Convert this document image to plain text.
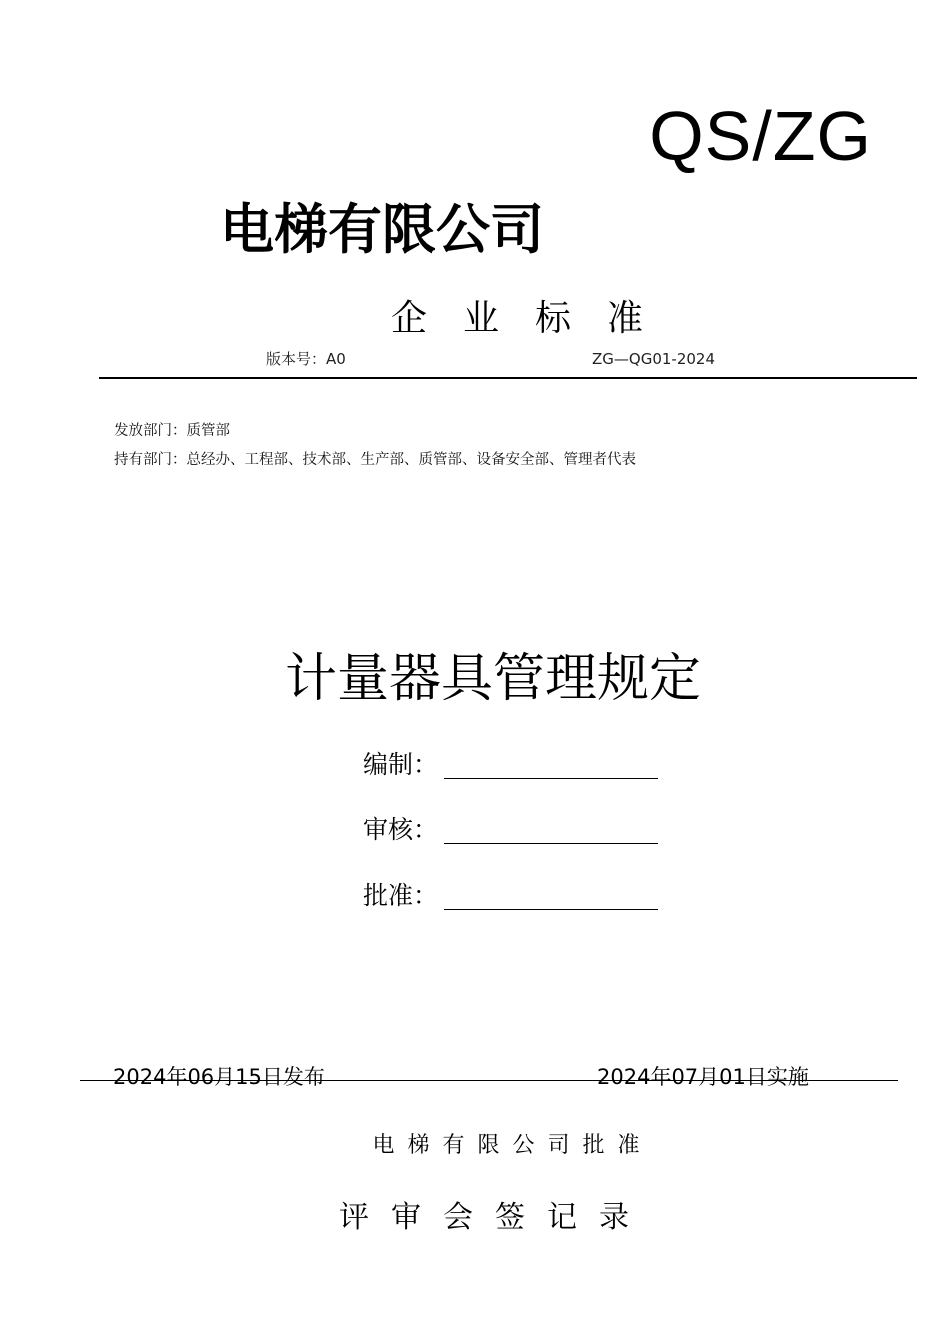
QS/ZG
电梯有限公司
企业标准
版本号：A0	ZG—QG01-2024
发放部门：质管部
持有部门：总经办、工程部、技术部、生产部、质管部、设备安全部、管理者代表
计量器具管理规定
编制：
审核：
批准：
2024年06月15日发布	2024年07月01日实施
电梯有限公司批准
评审会签记录
